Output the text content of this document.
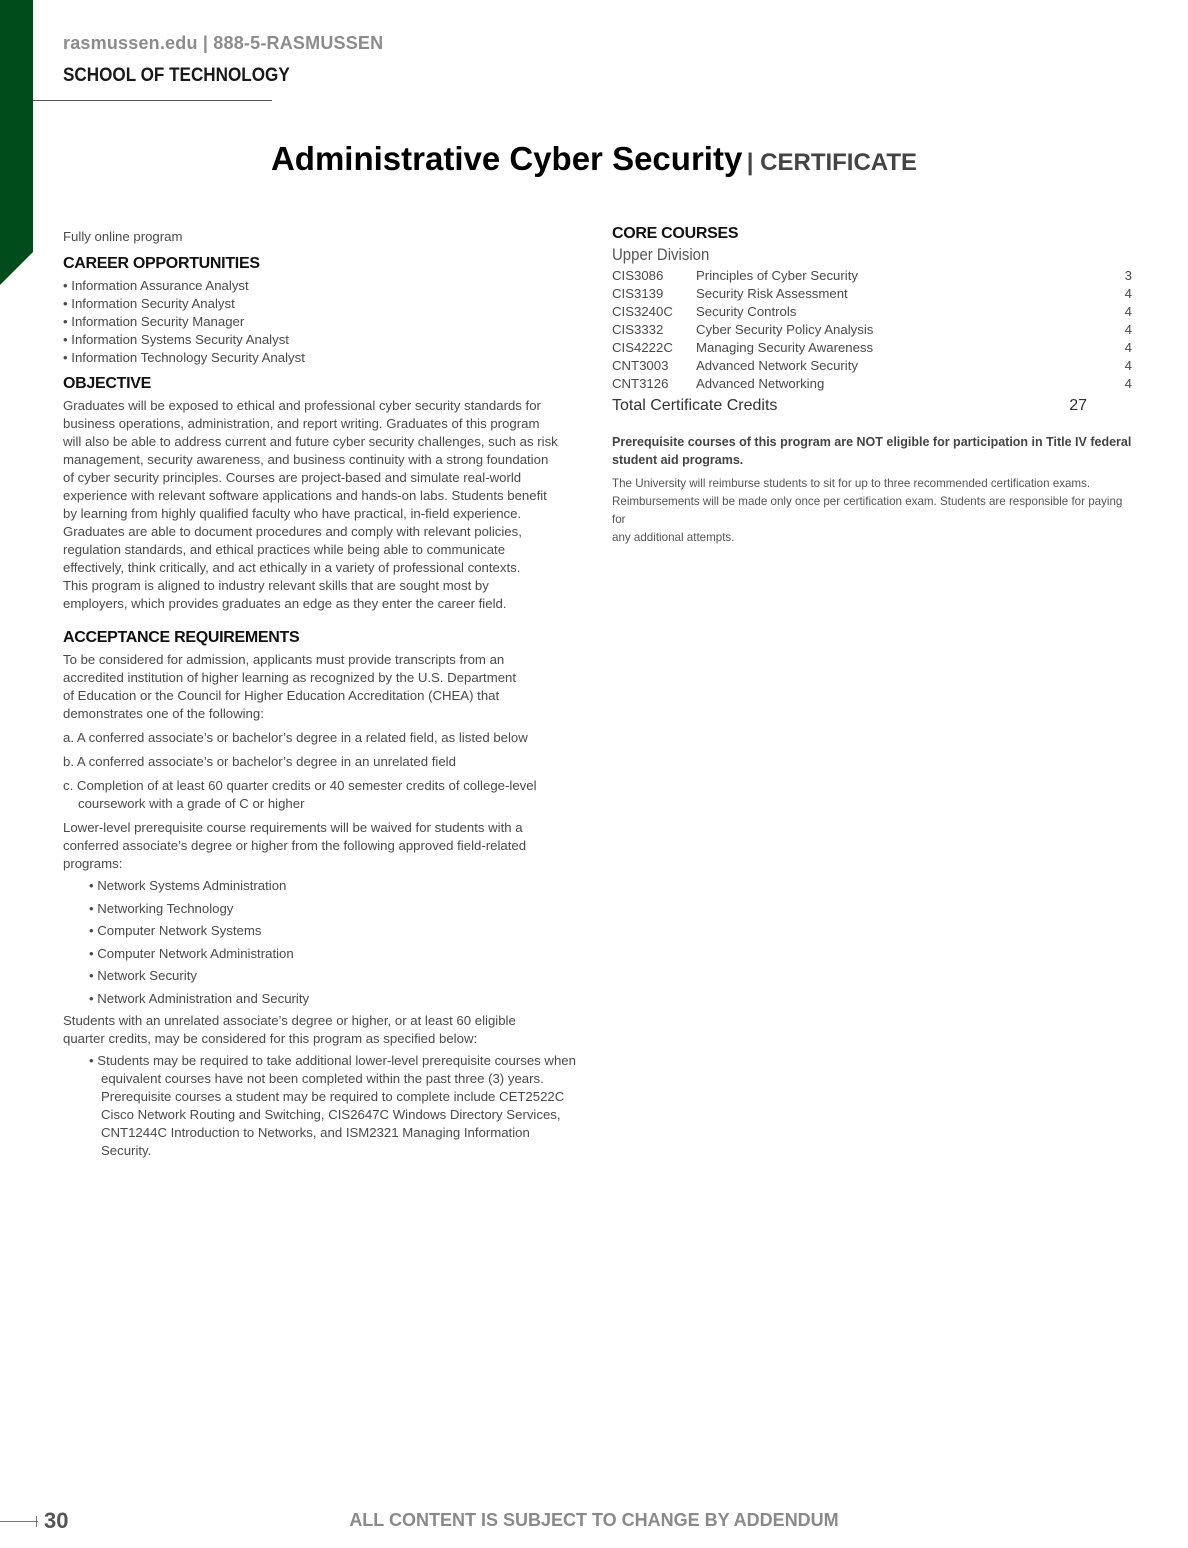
rasmussen.edu | 888-5-RASMUSSEN
SCHOOL OF TECHNOLOGY
Administrative Cyber Security | CERTIFICATE

Fully online program

CAREER OPPORTUNITIES

• Information Assurance Analyst
• Information Security Analyst
• Information Security Manager
• Information Systems Security Analyst
• Information Technology Security Analyst

OBJECTIVE

Graduates will be exposed to ethical and professional cyber security standards for
business operations, administration, and report writing. Graduates of this program
will also be able to address current and future cyber security challenges, such as risk
management, security awareness, and business continuity with a strong foundation
of cyber security principles. Courses are project-based and simulate real-world
experience with relevant software applications and hands-on labs. Students benefit
by learning from highly qualified faculty who have practical, in-field experience.
Graduates are able to document procedures and comply with relevant policies,
regulation standards, and ethical practices while being able to communicate
effectively, think critically, and act ethically in a variety of professional contexts.
This program is aligned to industry relevant skills that are sought most by
employers, which provides graduates an edge as they enter the career field.

ACCEPTANCE REQUIREMENTS

To be considered for admission, applicants must provide transcripts from an
accredited institution of higher learning as recognized by the U.S. Department
of Education or the Council for Higher Education Accreditation (CHEA) that
demonstrates one of the following:
a. A conferred associate’s or bachelor’s degree in a related field, as listed below
b. A conferred associate’s or bachelor’s degree in an unrelated field
c. Completion of at least 60 quarter credits or 40 semester credits of college-level
coursework with a grade of C or higher
Lower-level prerequisite course requirements will be waived for students with a
conferred associate’s degree or higher from the following approved field-related
programs:
• Network Systems Administration
• Networking Technology
• Computer Network Systems
• Computer Network Administration
• Network Security
• Network Administration and Security
Students with an unrelated associate’s degree or higher, or at least 60 eligible
quarter credits, may be considered for this program as specified below:
• Students may be required to take additional lower-level prerequisite courses when equivalent courses have not been completed within the past three (3) years. Prerequisite courses a student may be required to complete include CET2522C Cisco Network Routing and Switching, CIS2647C Windows Directory Services, CNT1244C Introduction to Networks, and ISM2321 Managing Information Security.

CORE COURSES

Upper Division
CIS3086	Principles of Cyber Security	3
CIS3139	Security Risk Assessment	4
CIS3240C	Security Controls	4
CIS3332	Cyber Security Policy Analysis	4
CIS4222C	Managing Security Awareness	4
CNT3003	Advanced Network Security	4
CNT3126	Advanced Networking	4
Total Certificate Credits	27
Prerequisite courses of this program are NOT eligible for participation in Title IV federal
student aid programs.
The University will reimburse students to sit for up to three recommended certification exams.
Reimbursements will be made only once per certification exam. Students are responsible for paying for
any additional attempts.
30	ALL CONTENT IS SUBJECT TO CHANGE BY ADDENDUM
